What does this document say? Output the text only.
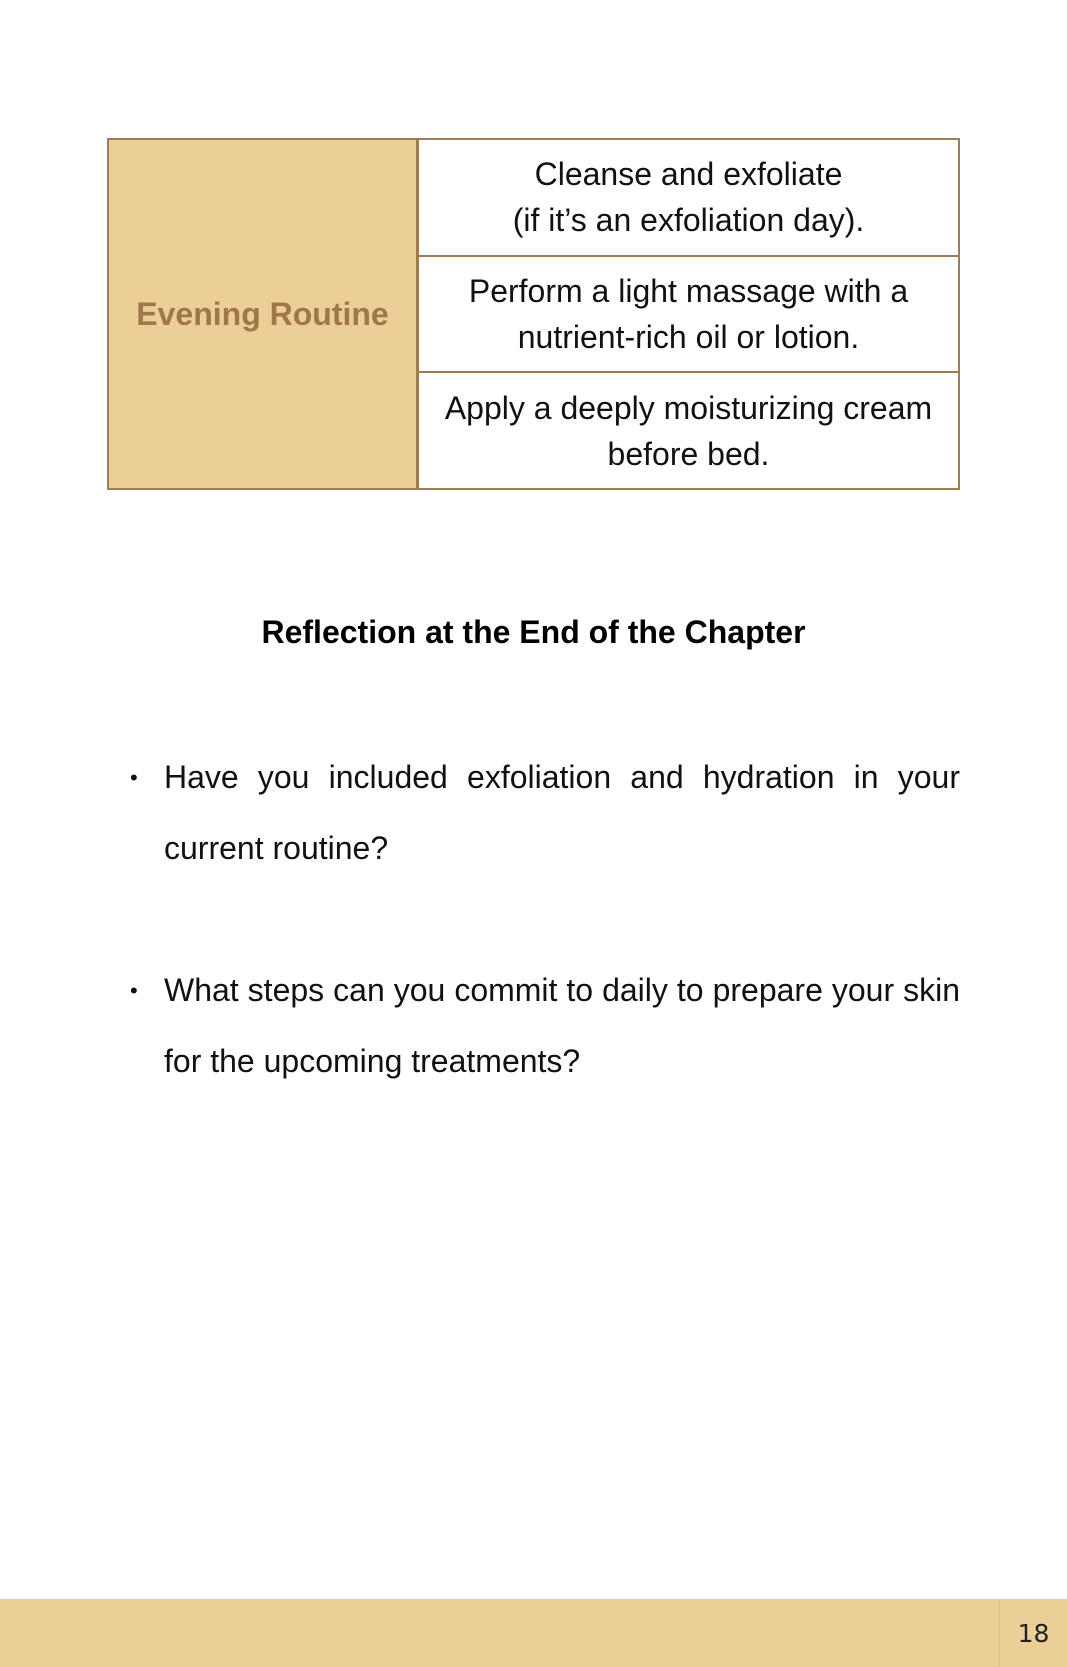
Evening Routine
Cleanse and exfoliate
(if it’s an exfoliation day).
Perform a light massage with a
nutrient-rich oil or lotion.
Apply a deeply moisturizing cream
before bed.
Reflection at the End of the Chapter
• Have you included exfoliation and hydration in your current routine?
• What steps can you commit to daily to prepare your skin for the upcoming treatments?
18
